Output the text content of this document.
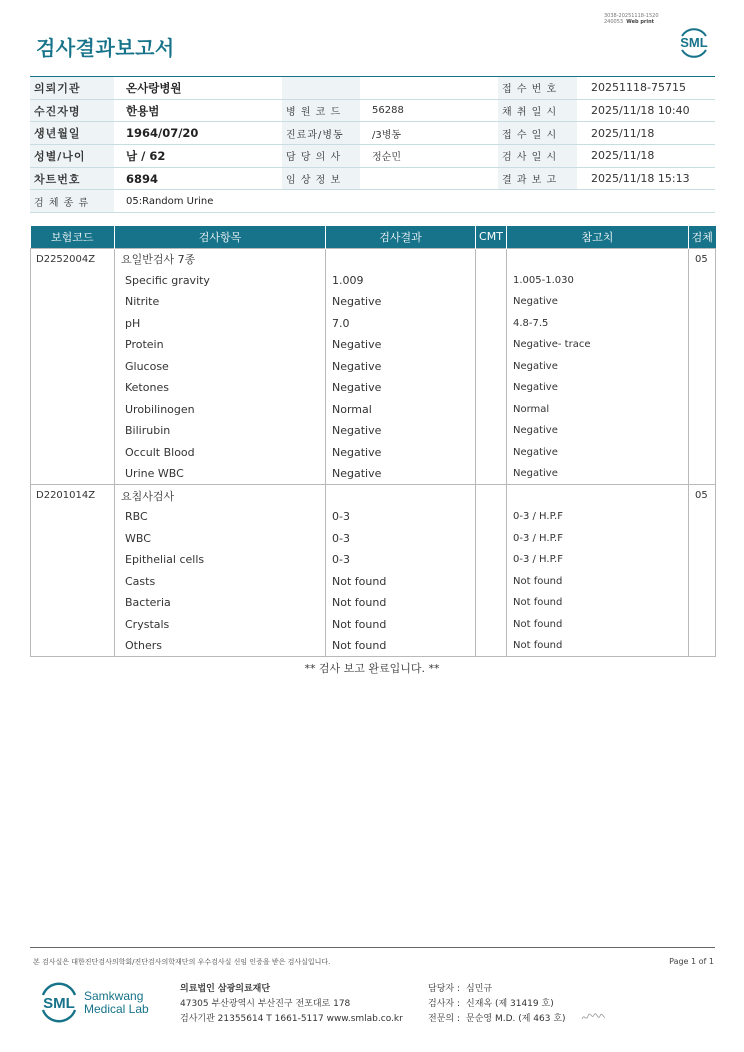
3038-20251118-1520
240053 Web print
검사결과보고서	SML
의뢰기관	온사랑병원			접 수 번 호	20251118-75715
수진자명	한용범	병 원 코 드	56288	채 취 일 시	2025/11/18 10:40
생년월일	1964/07/20	진료과/병동	/3병동	접 수 일 시	2025/11/18
성별/나이	남 / 62	담 당 의 사	정순민	검 사 일 시	2025/11/18
차트번호	6894	임 상 정 보		결 과 보 고	2025/11/18 15:13
검 체 종 류	05:Random Urine				
보험코드	검사항목	검사결과	CMT	참고치	검체
D2252004Z	요일반검사 7종				05
	Specific gravity	1.009		1.005-1.030	
	Nitrite	Negative		Negative	
	pH	7.0		4.8-7.5	
	Protein	Negative		Negative- trace	
	Glucose	Negative		Negative	
	Ketones	Negative		Negative	
	Urobilinogen	Normal		Normal	
	Bilirubin	Negative		Negative	
	Occult Blood	Negative		Negative	
	Urine WBC	Negative		Negative	
D2201014Z	요침사검사				05
	RBC	0-3		0-3 / H.P.F	
	WBC	0-3		0-3 / H.P.F	
	Epithelial cells	0-3		0-3 / H.P.F	
	Casts	Not found		Not found	
	Bacteria	Not found		Not found	
	Crystals	Not found		Not found	
	Others	Not found		Not found	
** 검사 보고 완료입니다. **
본 검사실은 대한진단검사의학회/진단검사의학재단의 우수검사실 신임 인증을 받은 검사실입니다.	Page 1 of 1
SML Samkwang
Medical Lab
의료법인 삼광의료재단
47305 부산광역시 부산진구 전포대로 178
검사기관 21355614 T 1661-5117 www.smlab.co.kr
담당자 : 심민규
검사자 : 신재옥 (제 31419 호)
전문의 : 문순영 M.D. (제 463 호)
